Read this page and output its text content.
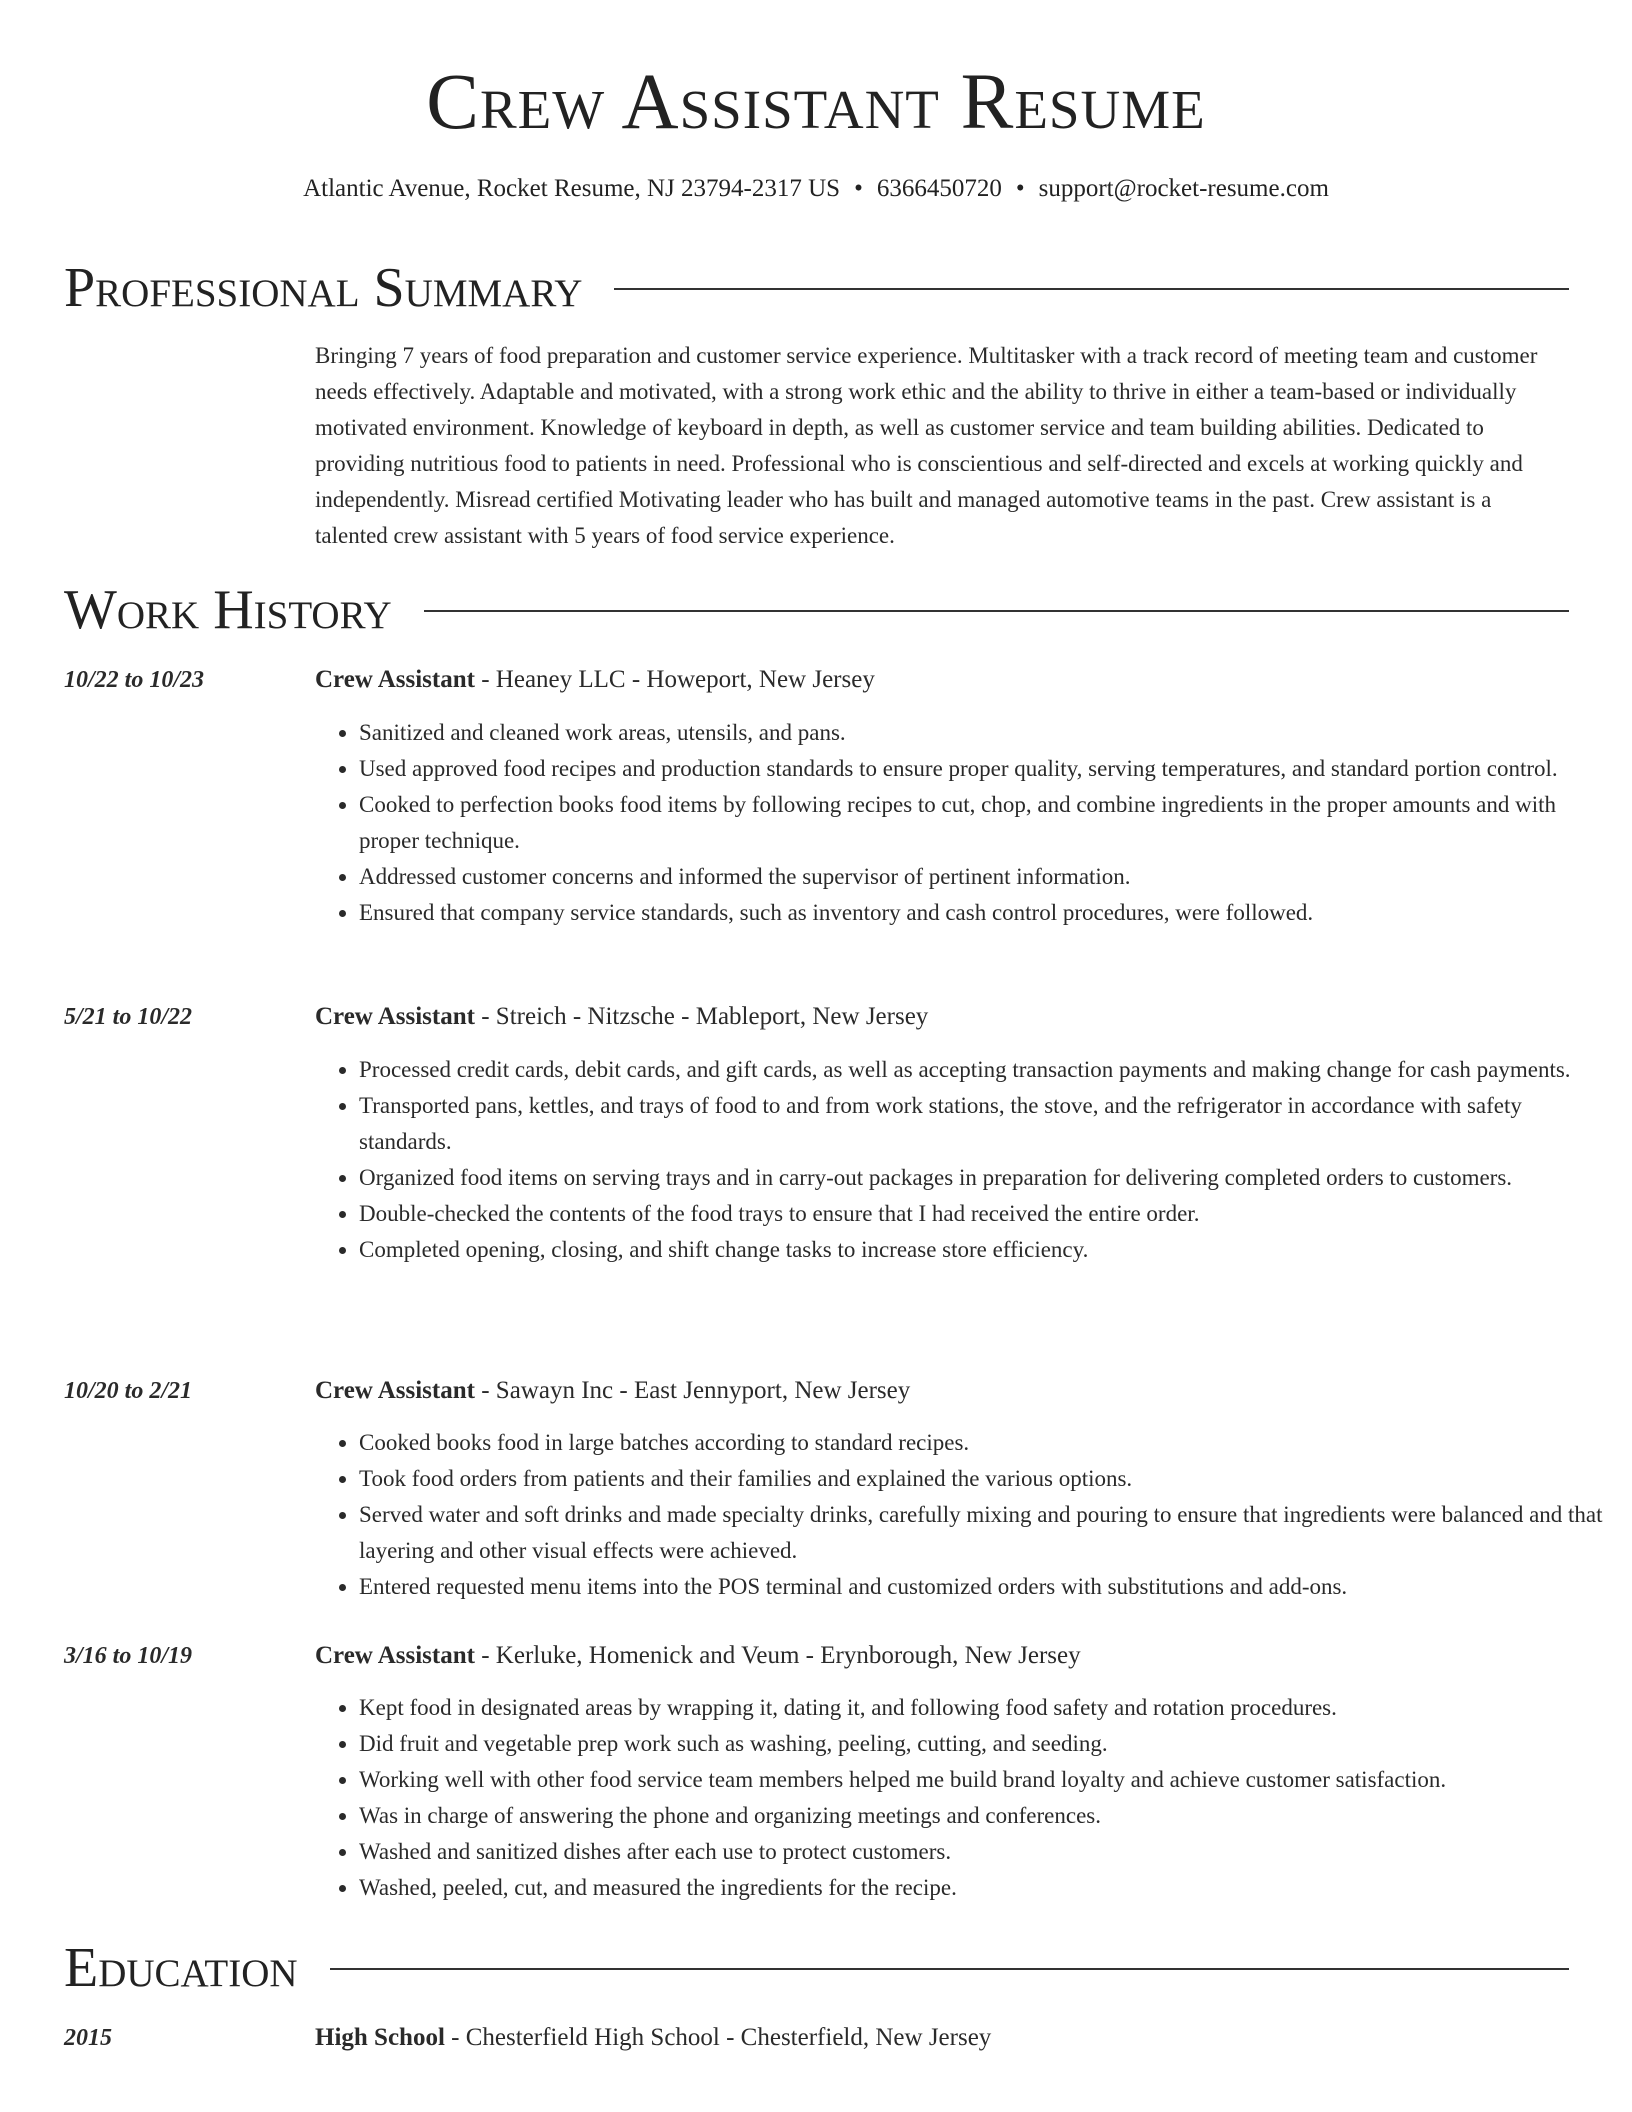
Crew Assistant Resume
Atlantic Avenue, Rocket Resume, NJ 23794-2317 US • 6366450720 • support@rocket-resume.com
Professional Summary

Bringing 7 years of food preparation and customer service experience. Multitasker with a track record of meeting team and customer needs effectively. Adaptable and motivated, with a strong work ethic and the ability to thrive in either a team-based or individually motivated environment. Knowledge of keyboard in depth, as well as customer service and team building abilities. Dedicated to providing nutritious food to patients in need. Professional who is conscientious and self-directed and excels at working quickly and independently. Misread certified Motivating leader who has built and managed automotive teams in the past. Crew assistant is a talented crew assistant with 5 years of food service experience.

Work History
10/22 to 10/23	Crew Assistant - Heaney LLC - Howeport, New Jersey
• Sanitized and cleaned work areas, utensils, and pans.
• Used approved food recipes and production standards to ensure proper quality, serving temperatures, and standard portion control.
• Cooked to perfection books food items by following recipes to cut, chop, and combine ingredients in the proper amounts and with proper technique.
• Addressed customer concerns and informed the supervisor of pertinent information.
• Ensured that company service standards, such as inventory and cash control procedures, were followed.
5/21 to 10/22	Crew Assistant - Streich - Nitzsche - Mableport, New Jersey
• Processed credit cards, debit cards, and gift cards, as well as accepting transaction payments and making change for cash payments.
• Transported pans, kettles, and trays of food to and from work stations, the stove, and the refrigerator in accordance with safety standards.
• Organized food items on serving trays and in carry-out packages in preparation for delivering completed orders to customers.
• Double-checked the contents of the food trays to ensure that I had received the entire order.
• Completed opening, closing, and shift change tasks to increase store efficiency.
10/20 to 2/21	Crew Assistant - Sawayn Inc - East Jennyport, New Jersey
• Cooked books food in large batches according to standard recipes.
• Took food orders from patients and their families and explained the various options.
• Served water and soft drinks and made specialty drinks, carefully mixing and pouring to ensure that ingredients were balanced and that layering and other visual effects were achieved.
• Entered requested menu items into the POS terminal and customized orders with substitutions and add-ons.
3/16 to 10/19	Crew Assistant - Kerluke, Homenick and Veum - Erynborough, New Jersey
• Kept food in designated areas by wrapping it, dating it, and following food safety and rotation procedures.
• Did fruit and vegetable prep work such as washing, peeling, cutting, and seeding.
• Working well with other food service team members helped me build brand loyalty and achieve customer satisfaction.
• Was in charge of answering the phone and organizing meetings and conferences.
• Washed and sanitized dishes after each use to protect customers.
• Washed, peeled, cut, and measured the ingredients for the recipe.
Education
2015	High School - Chesterfield High School - Chesterfield, New Jersey
